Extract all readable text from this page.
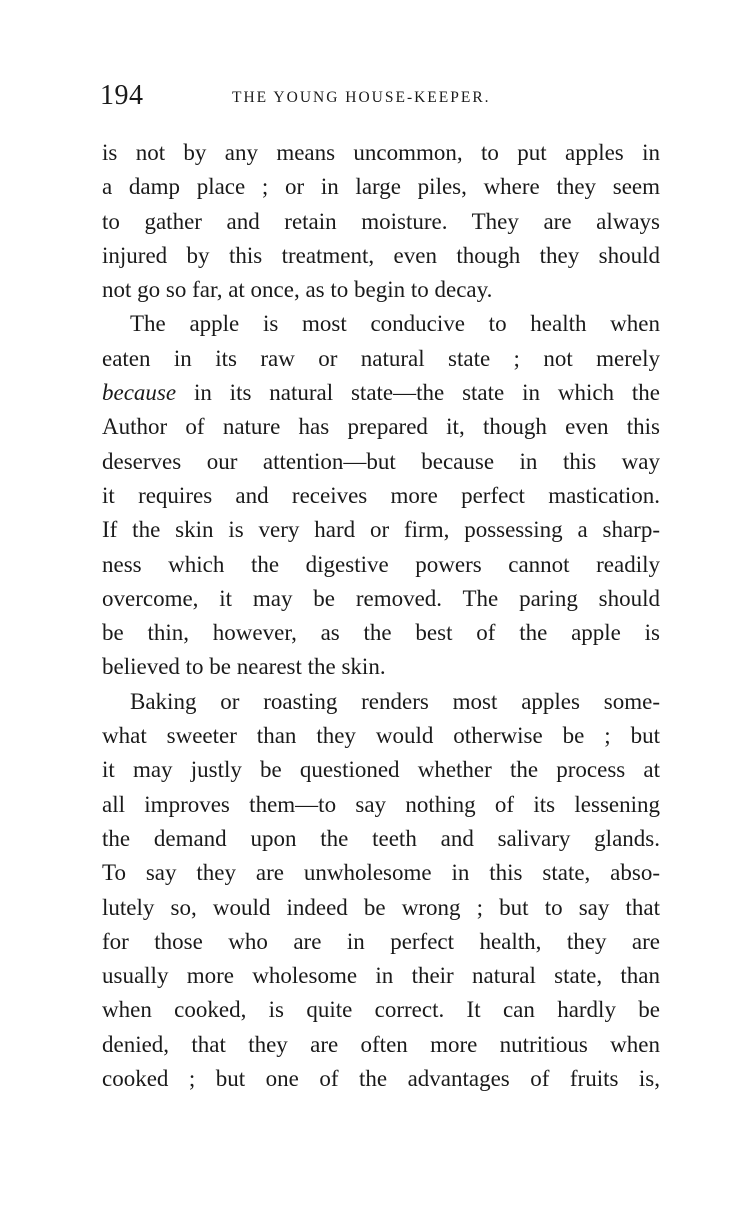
194	THE YOUNG HOUSE-KEEPER.
is not by any means uncommon, to put apples in
a damp place ; or in large piles, where they seem
to gather and retain moisture. They are always
injured by this treatment, even though they should
not go so far, at once, as to begin to decay.
The apple is most conducive to health when
eaten in its raw or natural state ; not merely
because in its natural state—the state in which the
Author of nature has prepared it, though even this
deserves our attention—but because in this way
it requires and receives more perfect mastication.
If the skin is very hard or firm, possessing a sharp-
ness which the digestive powers cannot readily
overcome, it may be removed. The paring should
be thin, however, as the best of the apple is
believed to be nearest the skin.
Baking or roasting renders most apples some-
what sweeter than they would otherwise be ; but
it may justly be questioned whether the process at
all improves them—to say nothing of its lessening
the demand upon the teeth and salivary glands.
To say they are unwholesome in this state, abso-
lutely so, would indeed be wrong ; but to say that
for those who are in perfect health, they are
usually more wholesome in their natural state, than
when cooked, is quite correct. It can hardly be
denied, that they are often more nutritious when
cooked ; but one of the advantages of fruits is,
